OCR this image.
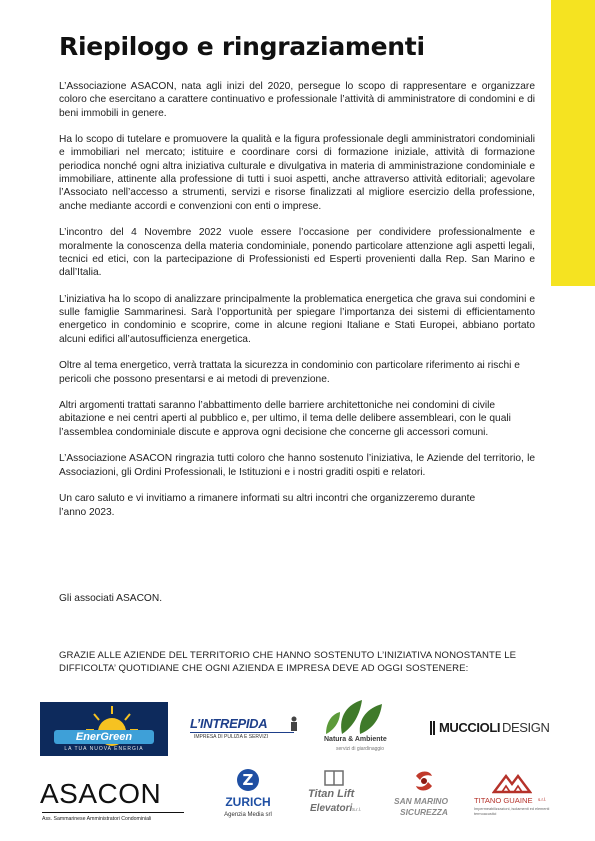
Riepilogo e ringraziamenti

L’Associazione ASACON, nata agli inizi del 2020, persegue lo scopo di rappresentare e organizzare coloro che esercitano a carattere continuativo e professionale l’attività di amministratore di condomini e di beni immobili in genere.

Ha lo scopo di tutelare e promuovere la qualità e la figura professionale degli amministratori condominiali e immobiliari nel mercato; istituire e coordinare corsi di formazione iniziale, attività di formazione periodica nonché ogni altra iniziativa culturale e divulgativa in materia di amministrazione condominiale e immobiliare, attinente alla professione di tutti i suoi aspetti, anche attraverso attività editoriali; agevolare l’Associato nell’accesso a strumenti, servizi e risorse finalizzati al migliore esercizio della professione, anche mediante accordi e convenzioni con enti o imprese.

L’incontro del 4 Novembre 2022 vuole essere l’occasione per condividere professionalmente e moralmente la conoscenza della materia condominiale, ponendo particolare attenzione agli aspetti legali, tecnici ed etici, con la partecipazione di Professionisti ed Esperti provenienti dalla Rep. San Marino e dall’Italia.

L’iniziativa ha lo scopo di analizzare principalmente la problematica energetica che grava sui condomini e sulle famiglie Sammarinesi. Sarà l’opportunità per spiegare l’importanza dei sistemi di efficientamento energetico in condominio e scoprire, come in alcune regioni Italiane e Stati Europei, abbiano portato alcuni edifici all’autosufficienza energetica.

Oltre al tema energetico, verrà trattata la sicurezza in condominio con particolare riferimento ai rischi e pericoli che possono presentarsi e ai metodi di prevenzione.

Altri argomenti trattati saranno l’abbattimento delle barriere architettoniche nei condomini di civile abitazione e nei centri aperti al pubblico e, per ultimo, il tema delle delibere assembleari, con le quali l’assemblea condominiale discute e approva ogni decisione che concerne gli accessori comuni.

L’Associazione ASACON ringrazia tutti coloro che hanno sostenuto l’iniziativa, le Aziende del territorio, le Associazioni, gli Ordini Professionali, le Istituzioni e i nostri graditi ospiti e relatori.

Un caro saluto e vi invitiamo a rimanere informati su altri incontri che organizzeremo durante l’anno 2023.

Gli associati ASACON.

GRAZIE ALLE AZIENDE DEL TERRITORIO CHE HANNO SOSTENUTO L’INIZIATIVA NONOSTANTE LE DIFFICOLTA’ QUOTIDIANE CHE OGNI AZIENDA E IMPRESA DEVE AD OGGI SOSTENERE:

EnerGreen
LA TUA NUOVA ENERGIA
L’INTREPIDA
IMPRESA DI PULIZIA E SERVIZI	Natura & Ambiente
servizi di giardinaggio
MUCCIOLI DESIGN
ASACON
Ass. Sammarinese Amministratori Condominiali
Z
ZURICH
Agenzia Media srl
Titan Lift
Elevatori S.r.l.
SAN MARINO
SICUREZZA
TITANO GUAINE s.r.l.
Impermeabilizzazioni, isolamenti ed elementi termoacustici
